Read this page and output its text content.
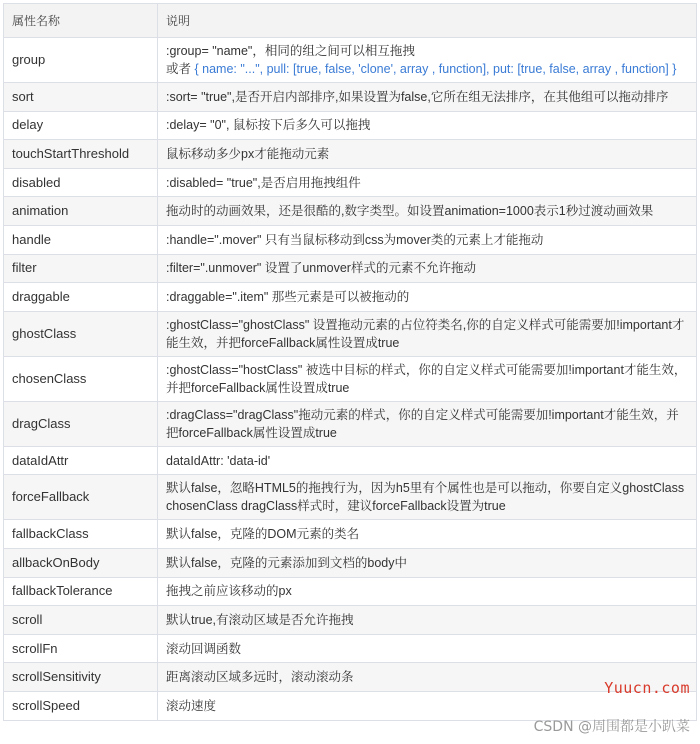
属性名称	说明
group	:group= "name"，相同的组之间可以相互拖拽
或者 { name: "...", pull: [true, false, 'clone', array , function], put: [true, false, array , function] }

sort	:sort= "true",是否开启内部排序,如果设置为false,它所在组无法排序，在其他组可以拖动排序
delay	:delay= "0", 鼠标按下后多久可以拖拽
touchStartThreshold	鼠标移动多少px才能拖动元素
disabled	:disabled= "true",是否启用拖拽组件
animation	拖动时的动画效果，还是很酷的,数字类型。如设置animation=1000表示1秒过渡动画效果
handle	:handle=".mover" 只有当鼠标移动到css为mover类的元素上才能拖动
filter	:filter=".unmover" 设置了unmover样式的元素不允许拖动
draggable	:draggable=".item" 那些元素是可以被拖动的
ghostClass	:ghostClass="ghostClass" 设置拖动元素的占位符类名,你的自定义样式可能需要加!important才能生效，并把forceFallback属性设置成true
chosenClass	:ghostClass="hostClass" 被选中目标的样式，你的自定义样式可能需要加!important才能生效，并把forceFallback属性设置成true
dragClass	:dragClass="dragClass"拖动元素的样式，你的自定义样式可能需要加!important才能生效，并把forceFallback属性设置成true
dataIdAttr	dataIdAttr: 'data-id'
forceFallback	默认false，忽略HTML5的拖拽行为，因为h5里有个属性也是可以拖动，你要自定义ghostClass chosenClass dragClass样式时，建议forceFallback设置为true
fallbackClass	默认false，克隆的DOM元素的类名
allbackOnBody	默认false，克隆的元素添加到文档的body中
fallbackTolerance	拖拽之前应该移动的px
scroll	默认true,有滚动区域是否允许拖拽
scrollFn	滚动回调函数
scrollSensitivity	距离滚动区域多远时，滚动滚动条
scrollSpeed	滚动速度
Yuucn.com
CSDN @周围都是小趴菜
